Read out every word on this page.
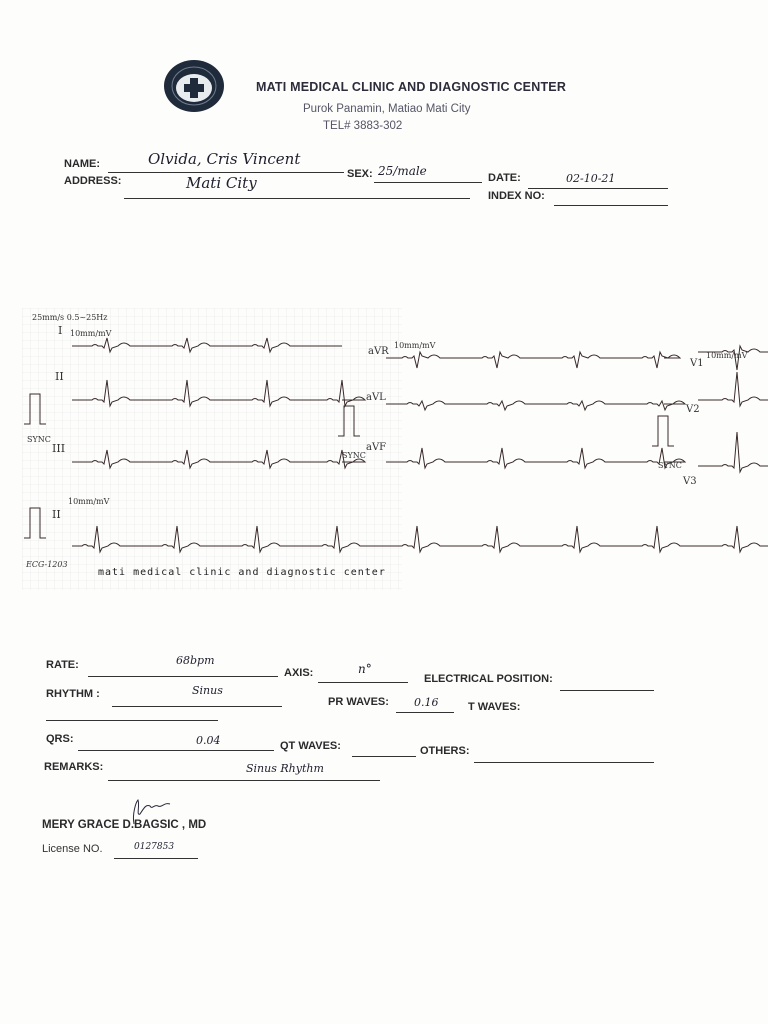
MATI MEDICAL CLINIC AND DIAGNOSTIC CENTER
Purok Panamin, Matiao Mati City
TEL# 3883-302
NAME:	Olvida, Cris Vincent
SEX: 25/male	DATE:	02-10-21
ADDRESS:	Mati City
INDEX NO:
25mm/s 0.5~25Hz
I 10mm/mV
II
III
SYNC
aVR
10mm/mV
aVL
aVF
SYNC
V1
10mm/mV
V2
SYNC
V3
II
10mm/mV
ECG-1203
mati medical clinic and diagnostic center
RATE:	68bpm
AXIS:	n°
ELECTRICAL POSITION:
RHYTHM :	Sinus
PR WAVES: 0.16	T WAVES:
QRS:	0.04	QT WAVES:	OTHERS:
REMARKS:	Sinus Rhythm
MERY GRACE D.BAGSIC , MD
License NO.	0127853
